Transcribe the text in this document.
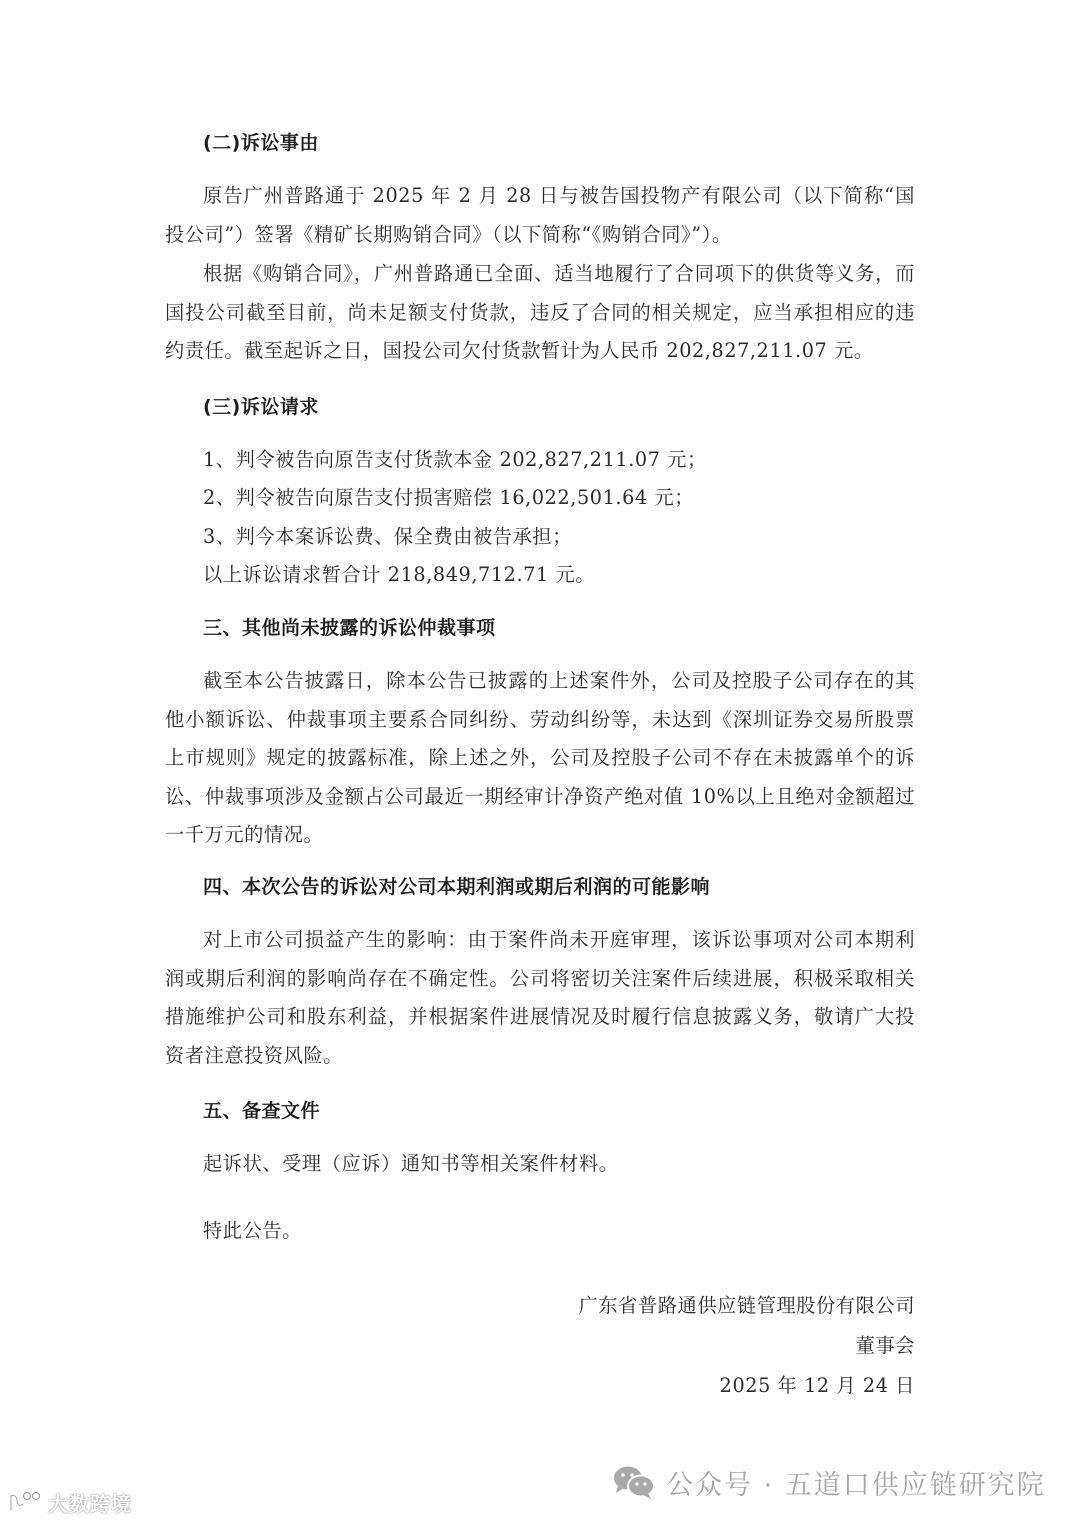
(二)诉讼事由
原告广州普路通于 2025 年 2 月 28 日与被告国投物产有限公司（以下简称“国投公司”）签署《精矿长期购销合同》（以下简称“《购销合同》”）。
根据《购销合同》，广州普路通已全面、适当地履行了合同项下的供货等义务，而国投公司截至目前，尚未足额支付货款，违反了合同的相关规定，应当承担相应的违约责任。截至起诉之日，国投公司欠付货款暂计为人民币 202,827,211.07 元。
(三)诉讼请求
1、判令被告向原告支付货款本金 202,827,211.07 元；
2、判令被告向原告支付损害赔偿 16,022,501.64 元；
3、判今本案诉讼费、保全费由被告承担；
以上诉讼请求暂合计 218,849,712.71 元。
三、其他尚未披露的诉讼仲裁事项
截至本公告披露日，除本公告已披露的上述案件外，公司及控股子公司存在的其他小额诉讼、仲裁事项主要系合同纠纷、劳动纠纷等，未达到《深圳证券交易所股票上市规则》规定的披露标准，除上述之外，公司及控股子公司不存在未披露单个的诉讼、仲裁事项涉及金额占公司最近一期经审计净资产绝对值 10%以上且绝对金额超过一千万元的情况。
四、本次公告的诉讼对公司本期利润或期后利润的可能影响
对上市公司损益产生的影响：由于案件尚未开庭审理，该诉讼事项对公司本期利润或期后利润的影响尚存在不确定性。公司将密切关注案件后续进展，积极采取相关措施维护公司和股东利益，并根据案件进展情况及时履行信息披露义务，敬请广大投资者注意投资风险。
五、备查文件
起诉状、受理（应诉）通知书等相关案件材料。
特此公告。
广东省普路通供应链管理股份有限公司
董事会
2025 年 12 月 24 日
公众号 · 五道口供应链研究院
大数跨境
